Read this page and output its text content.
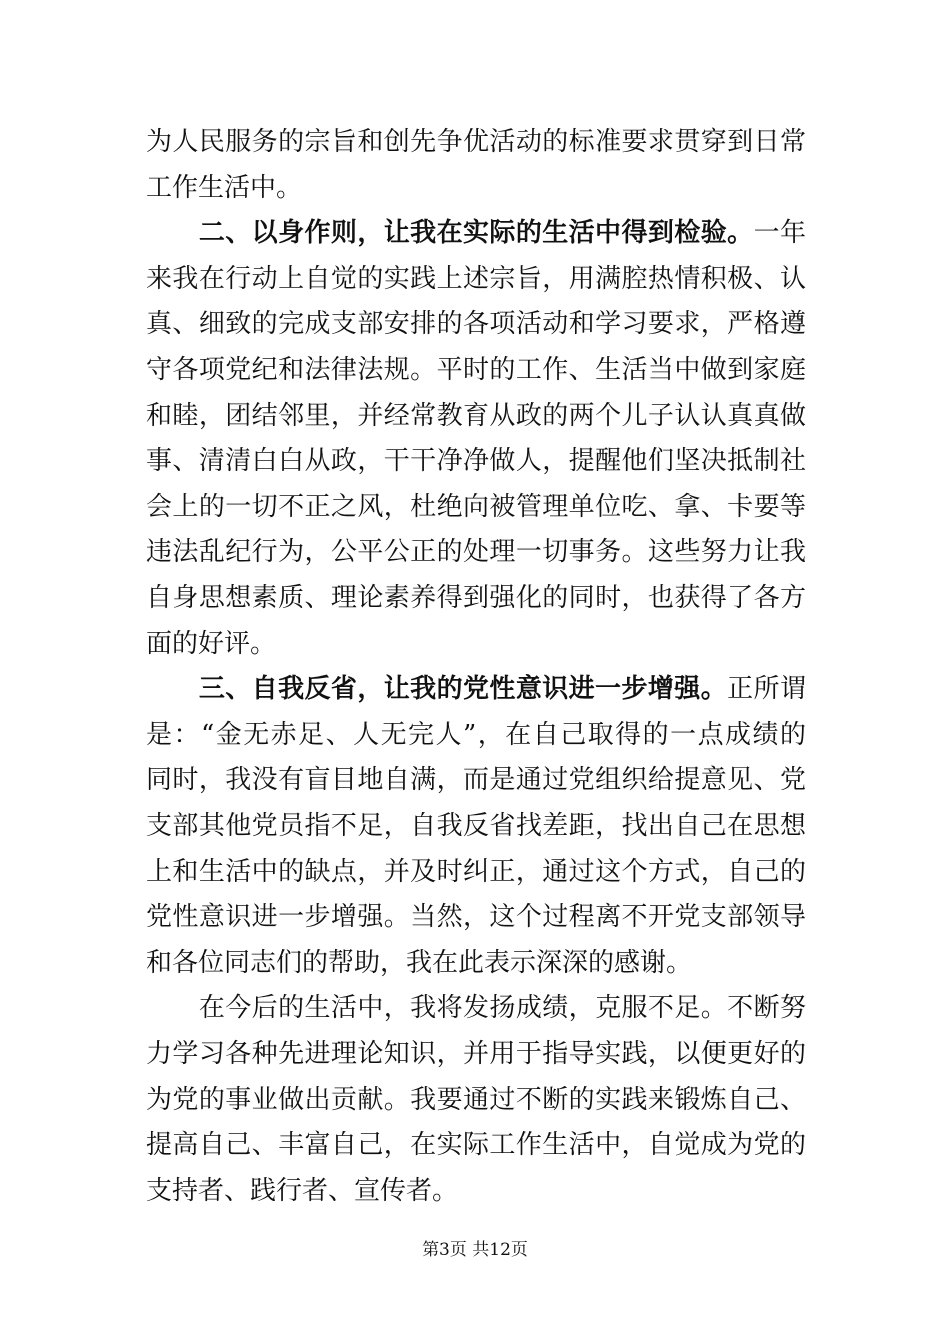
为人民服务的宗旨和创先争优活动的标准要求贯穿到日常
工作生活中。
　　二、以身作则，让我在实际的生活中得到检验。一年
来我在行动上自觉的实践上述宗旨，用满腔热情积极、认
真、细致的完成支部安排的各项活动和学习要求，严格遵
守各项党纪和法律法规。平时的工作、生活当中做到家庭
和睦，团结邻里，并经常教育从政的两个儿子认认真真做
事、清清白白从政，干干净净做人，提醒他们坚决抵制社
会上的一切不正之风，杜绝向被管理单位吃、拿、卡要等
违法乱纪行为，公平公正的处理一切事务。这些努力让我
自身思想素质、理论素养得到强化的同时，也获得了各方
面的好评。
　　三、自我反省，让我的党性意识进一步增强。正所谓
是：“金无赤足、人无完人”，在自己取得的一点成绩的
同时，我没有盲目地自满，而是通过党组织给提意见、党
支部其他党员指不足，自我反省找差距，找出自己在思想
上和生活中的缺点，并及时纠正，通过这个方式，自己的
党性意识进一步增强。当然，这个过程离不开党支部领导
和各位同志们的帮助，我在此表示深深的感谢。
　　在今后的生活中，我将发扬成绩，克服不足。不断努
力学习各种先进理论知识，并用于指导实践，以便更好的
为党的事业做出贡献。我要通过不断的实践来锻炼自己、
提高自己、丰富自己，在实际工作生活中，自觉成为党的
支持者、践行者、宣传者。
第3页 共12页
